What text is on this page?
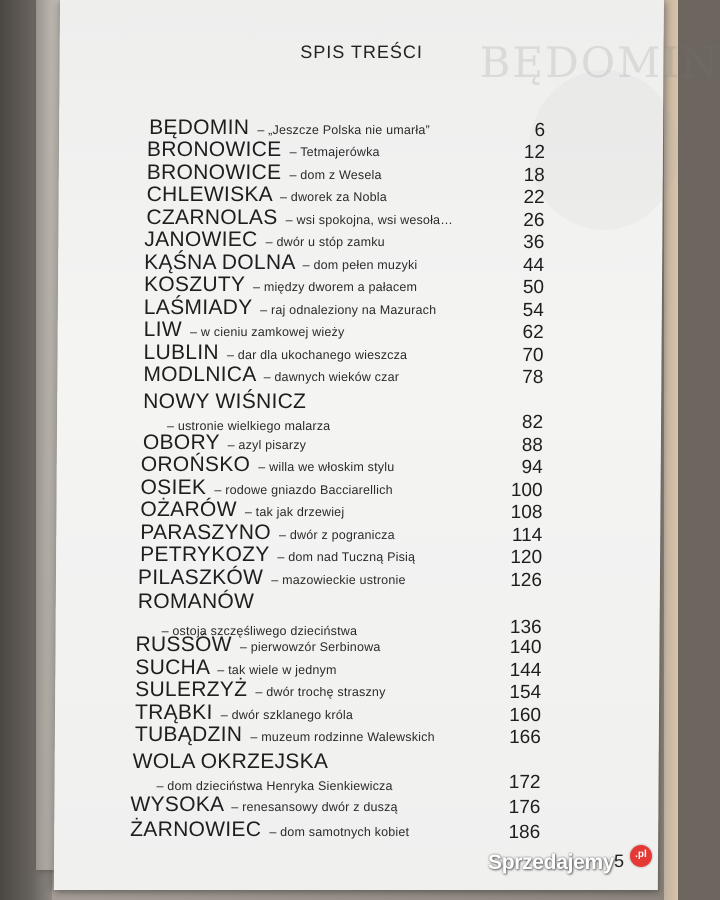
BĘDOMIN
SPIS TREŚCI
BĘDOMIN – „Jeszcze Polska nie umarła”	6
BRONOWICE – Tetmajerówka	12
BRONOWICE – dom z Wesela	18
CHLEWISKA – dworek za Nobla	22
CZARNOLAS – wsi spokojna, wsi wesoła…	26
JANOWIEC – dwór u stóp zamku	36
KĄŚNA DOLNA – dom pełen muzyki	44
KOSZUTY – między dworem a pałacem	50
LAŚMIADY – raj odnaleziony na Mazurach	54
LIW – w cieniu zamkowej wieży	62
LUBLIN – dar dla ukochanego wieszcza	70
MODLNICA – dawnych wieków czar	78
NOWY WIŚNICZ
– ustronie wielkiego malarza	82
OBORY – azyl pisarzy	88
OROŃSKO – willa we włoskim stylu	94
OSIEK – rodowe gniazdo Bacciarellich	100
OŻARÓW – tak jak drzewiej	108
PARASZYNO – dwór z pogranicza	114
PETRYKOZY – dom nad Tuczną Pisią	120
PILASZKÓW – mazowieckie ustronie	126
ROMANÓW
– ostoja szczęśliwego dzieciństwa	136
RUSSÓW – pierwowzór Serbinowa	140
SUCHA – tak wiele w jednym	144
SULERZYŻ – dwór trochę straszny	154
TRĄBKI – dwór szklanego króla	160
TUBĄDZIN – muzeum rodzinne Walewskich	166
WOLA OKRZEJSKA
– dom dzieciństwa Henryka Sienkiewicza	172
WYSOKA – renesansowy dwór z duszą	176
ŻARNOWIEC – dom samotnych kobiet	186
5
Sprzedajemy	.pl
